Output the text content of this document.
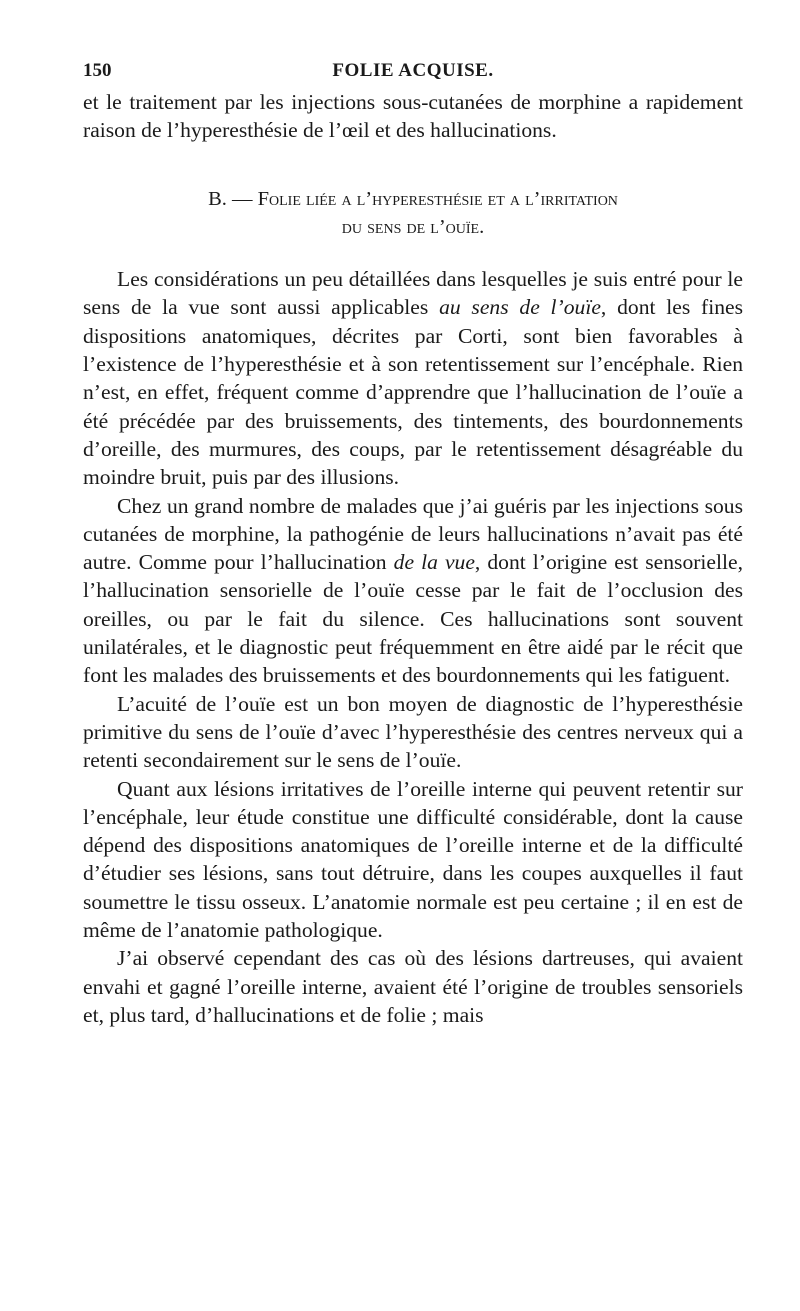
150	FOLIE ACQUISE.

et le traitement par les injections sous-cutanées de morphine a rapidement raison de l’hyperesthésie de l’œil et des hallucinations.

B. — Folie liée a l’hyperesthésie et a l’irritation
du sens de l’ouïe.

Les considérations un peu détaillées dans lesquelles je suis entré pour le sens de la vue sont aussi applicables au sens de l’ouïe, dont les fines dispositions anatomiques, décrites par Corti, sont bien favorables à l’existence de l’hyperesthésie et à son retentissement sur l’encéphale. Rien n’est, en effet, fréquent comme d’apprendre que l’hallucination de l’ouïe a été précédée par des bruissements, des tintements, des bourdonnements d’oreille, des murmures, des coups, par le retentissement désagréable du moindre bruit, puis par des illusions.

Chez un grand nombre de malades que j’ai guéris par les injections sous cutanées de morphine, la pathogénie de leurs hallucinations n’avait pas été autre. Comme pour l’hallucination de la vue, dont l’origine est sensorielle, l’hallucination sensorielle de l’ouïe cesse par le fait de l’occlusion des oreilles, ou par le fait du silence. Ces hallucinations sont souvent unilatérales, et le diagnostic peut fréquemment en être aidé par le récit que font les malades des bruissements et des bourdonnements qui les fatiguent.

L’acuité de l’ouïe est un bon moyen de diagnostic de l’hyperesthésie primitive du sens de l’ouïe d’avec l’hyperesthésie des centres nerveux qui a retenti secondairement sur le sens de l’ouïe.

Quant aux lésions irritatives de l’oreille interne qui peuvent retentir sur l’encéphale, leur étude constitue une difficulté considérable, dont la cause dépend des dispositions anatomiques de l’oreille interne et de la difficulté d’étudier ses lésions, sans tout détruire, dans les coupes auxquelles il faut soumettre le tissu osseux. L’anatomie normale est peu certaine ; il en est de même de l’anatomie pathologique.

J’ai observé cependant des cas où des lésions dartreuses, qui avaient envahi et gagné l’oreille interne, avaient été l’origine de troubles sensoriels et, plus tard, d’hallucinations et de folie ; mais
